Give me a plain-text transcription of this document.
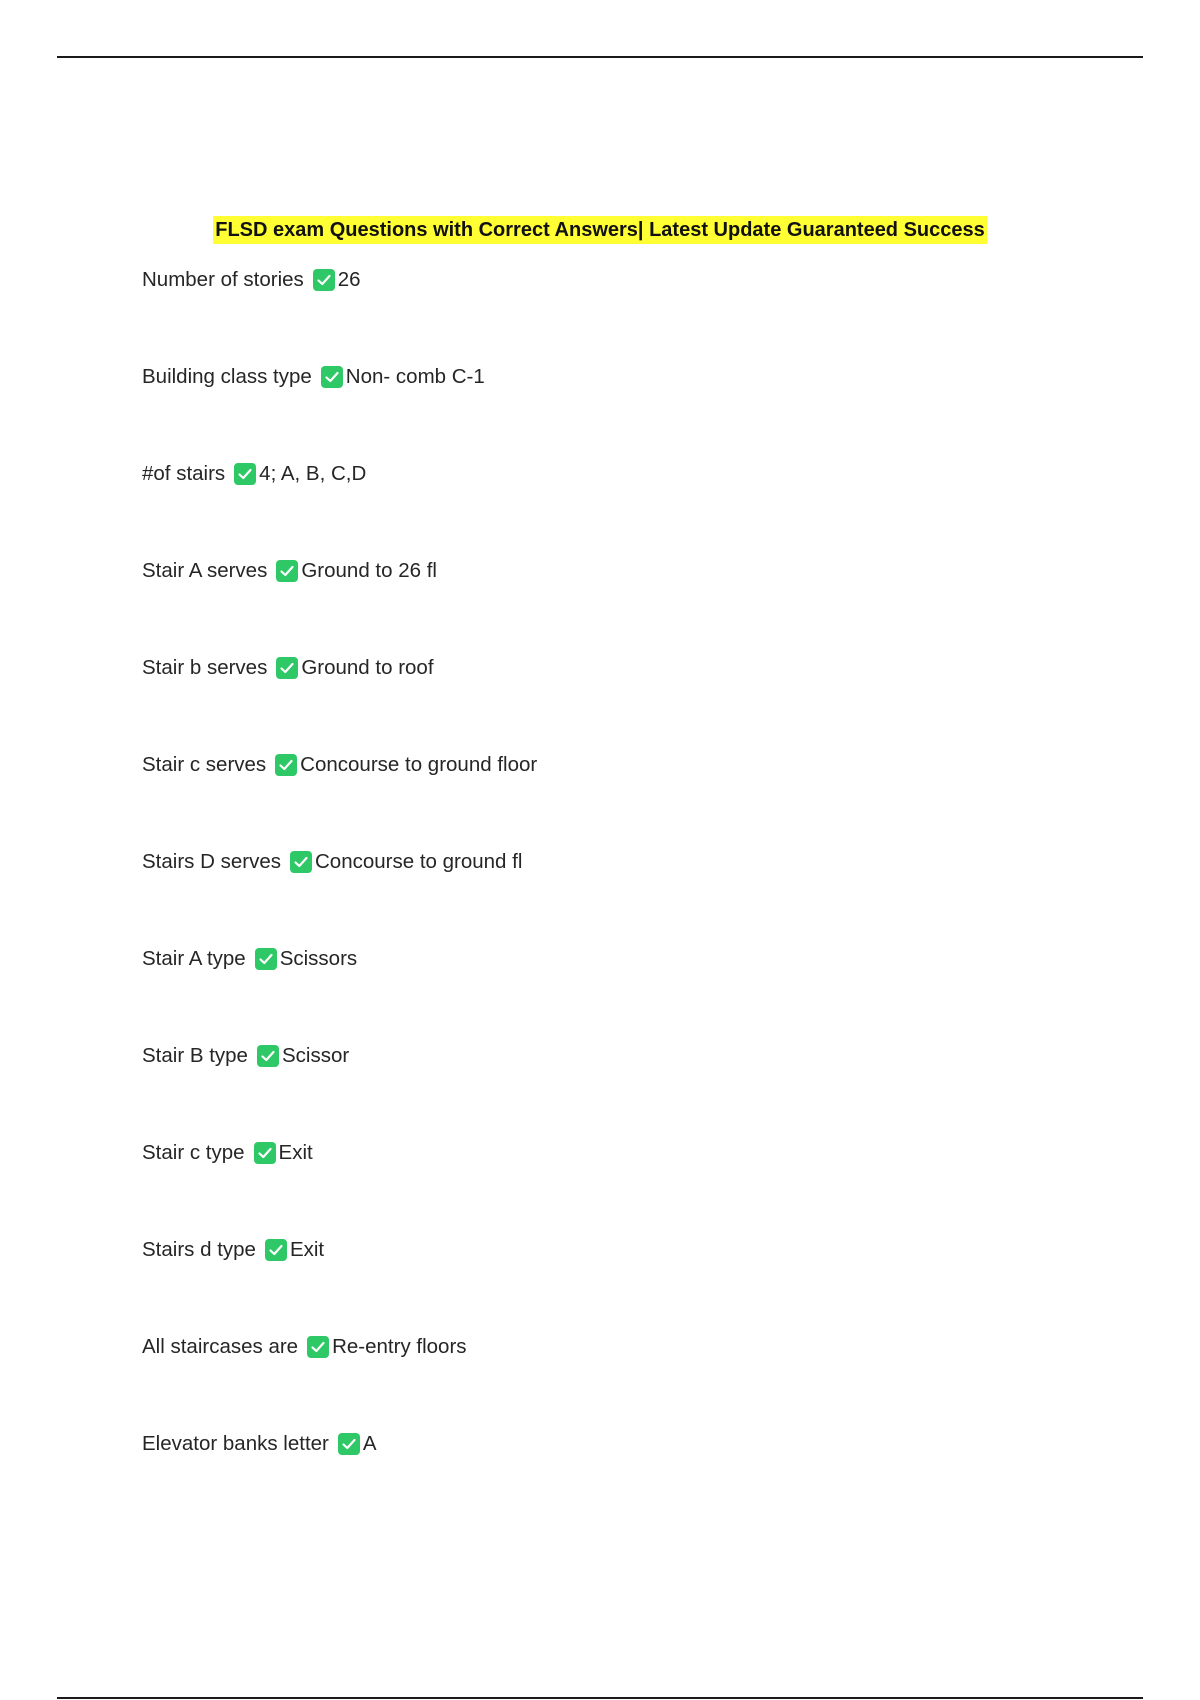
FLSD exam Questions with Correct Answers| Latest Update Guaranteed Success
Number of stories 26
Building class type Non- comb C-1
#of stairs 4; A, B, C,D
Stair A serves Ground to 26 fl
Stair b serves Ground to roof
Stair c serves Concourse to ground floor
Stairs D serves Concourse to ground fl
Stair A type Scissors
Stair B type Scissor
Stair c type Exit
Stairs d type Exit
All staircases are Re-entry floors
Elevator banks letter A
